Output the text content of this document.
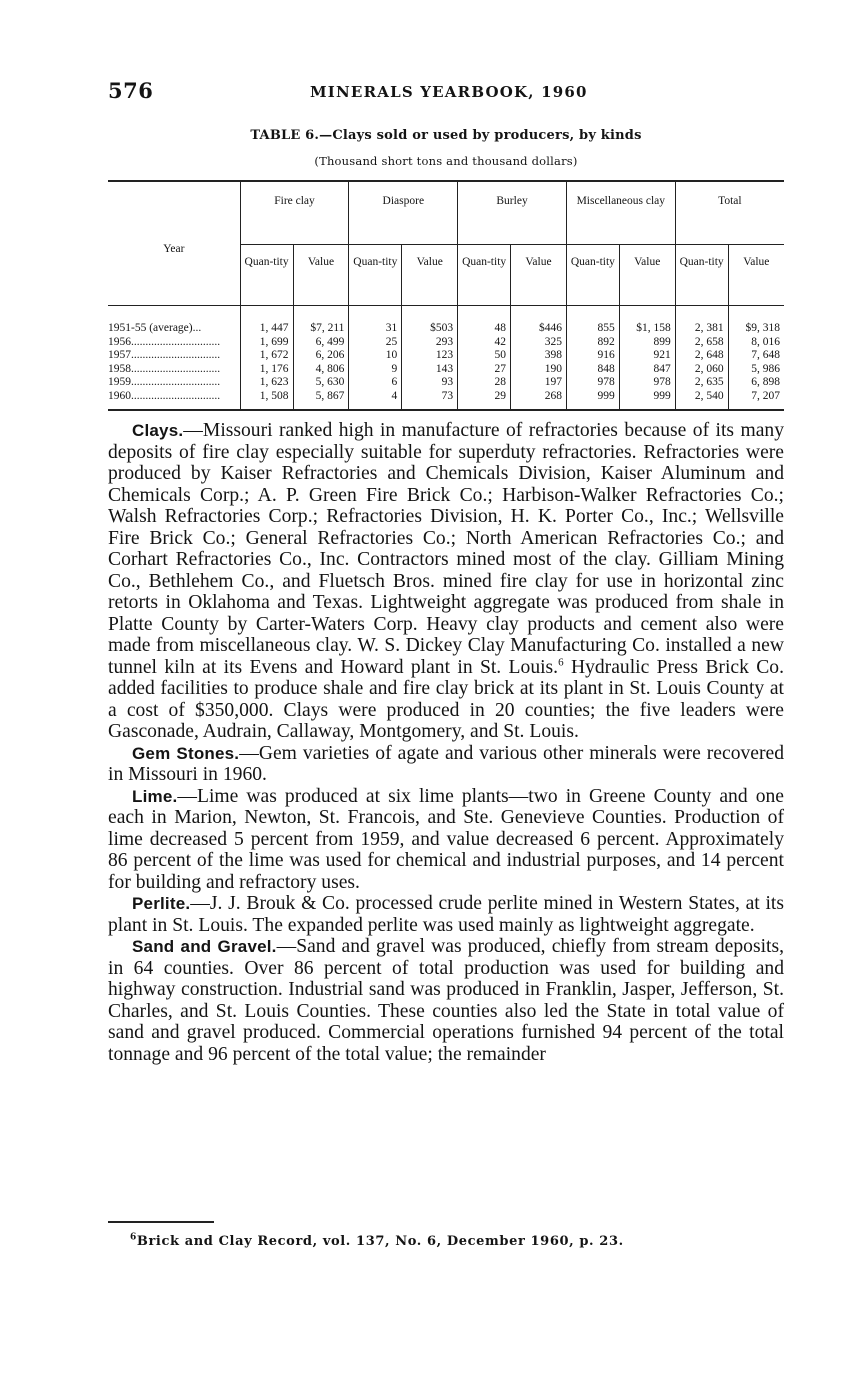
576	MINERALS YEARBOOK, 1960
TABLE 6.—Clays sold or used by producers, by kinds
(Thousand short tons and thousand dollars)
Year	Fire clay		Diaspore		Burley		Miscellaneous clay		Total	
	Quan-tity	Value	Quan-tity	Value	Quan-tity	Value	Quan-tity	Value	Quan-tity	Value
1951-55 (average)...	1, 447	$7, 211	31	$503	48	$446	855	$1, 158	2, 381	$9, 318
1956...............................	1, 699	6, 499	25	293	42	325	892	899	2, 658	8, 016
1957...............................	1, 672	6, 206	10	123	50	398	916	921	2, 648	7, 648
1958...............................	1, 176	4, 806	9	143	27	190	848	847	2, 060	5, 986
1959...............................	1, 623	5, 630	6	93	28	197	978	978	2, 635	6, 898
1960...............................	1, 508	5, 867	4	73	29	268	999	999	2, 540	7, 207

Clays.—Missouri ranked high in manufacture of refractories because of its many deposits of fire clay especially suitable for superduty refractories. Refractories were produced by Kaiser Refractories and Chemicals Division, Kaiser Aluminum and Chemicals Corp.; A. P. Green Fire Brick Co.; Harbison-Walker Refractories Co.; Walsh Refractories Corp.; Refractories Division, H. K. Porter Co., Inc.; Wellsville Fire Brick Co.; General Refractories Co.; North American Refractories Co.; and Corhart Refractories Co., Inc. Contractors mined most of the clay. Gilliam Mining Co., Bethlehem Co., and Fluetsch Bros. mined fire clay for use in horizontal zinc retorts in Oklahoma and Texas. Lightweight aggregate was produced from shale in Platte County by Carter-Waters Corp. Heavy clay products and cement also were made from miscellaneous clay. W. S. Dickey Clay Manufacturing Co. installed a new tunnel kiln at its Evens and Howard plant in St. Louis.$^6$ Hydraulic Press Brick Co. added facilities to produce shale and fire clay brick at its plant in St. Louis County at a cost of $350,000. Clays were produced in 20 counties; the five leaders were Gasconade, Audrain, Callaway, Montgomery, and St. Louis.

Gem Stones.—Gem varieties of agate and various other minerals were recovered in Missouri in 1960.

Lime.—Lime was produced at six lime plants—two in Greene County and one each in Marion, Newton, St. Francois, and Ste. Genevieve Counties. Production of lime decreased 5 percent from 1959, and value decreased 6 percent. Approximately 86 percent of the lime was used for chemical and industrial purposes, and 14 percent for building and refractory uses.

Perlite.—J. J. Brouk & Co. processed crude perlite mined in Western States, at its plant in St. Louis. The expanded perlite was used mainly as lightweight aggregate.

Sand and Gravel.—Sand and gravel was produced, chiefly from stream deposits, in 64 counties. Over 86 percent of total production was used for building and highway construction. Industrial sand was produced in Franklin, Jasper, Jefferson, St. Charles, and St. Louis Counties. These counties also led the State in total value of sand and gravel produced. Commercial operations furnished 94 percent of the total tonnage and 96 percent of the total value; the remainder

$^6$Brick and Clay Record, vol. 137, No. 6, December 1960, p. 23.
